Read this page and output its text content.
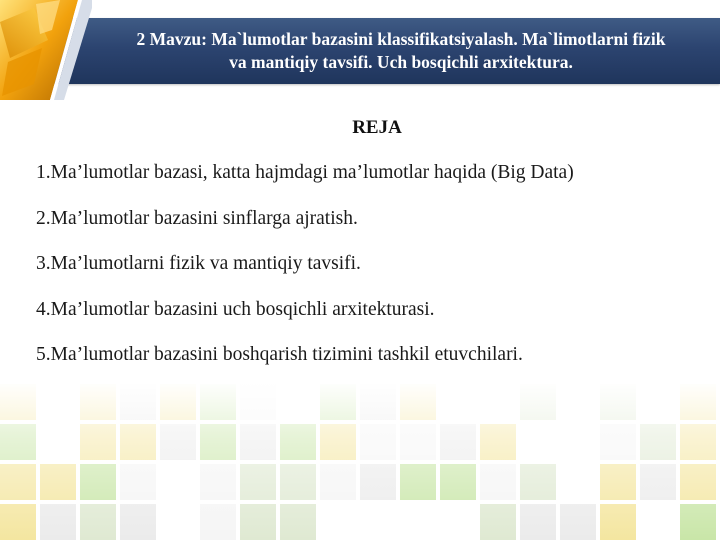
2 Mavzu: Ma`lumotlar bazasini klassifikatsiyalash. Ma`limotlarni fizik
va mantiqiy tavsifi. Uch bosqichli arxitektura.
REJA
1.Ma’lumotlar bazasi, katta hajmdagi ma’lumotlar haqida (Big Data)
2.Ma’lumotlar bazasini sinflarga ajratish.
3.Ma’lumotlarni fizik va mantiqiy tavsifi.
4.Ma’lumotlar bazasini uch bosqichli arxitekturasi.
5.Ma’lumotlar bazasini boshqarish tizimini tashkil etuvchilari.
